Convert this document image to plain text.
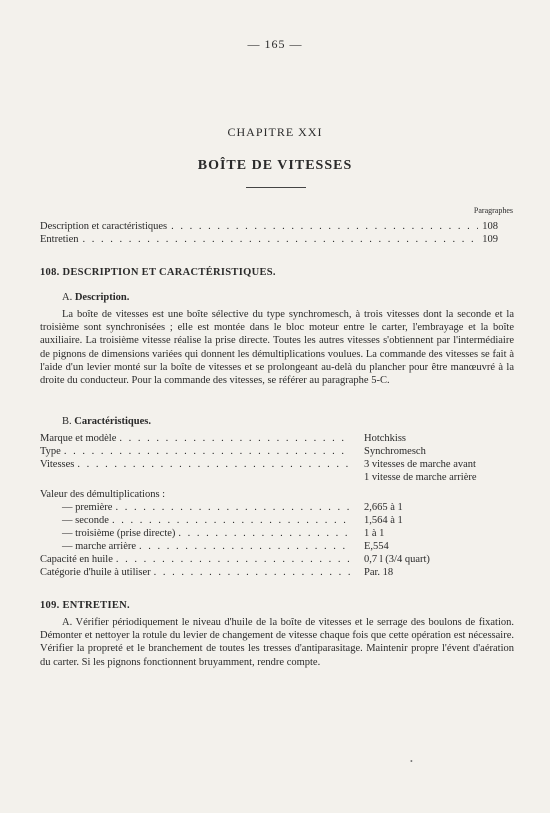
— 165 —
CHAPITRE XXI
BOÎTE DE VITESSES
Paragraphes
Description et caractéristiques . . .	108
Entretien . . .	109
108. DESCRIPTION ET CARACTÉRISTIQUES.
A. Description.
La boîte de vitesses est une boîte sélective du type synchromesch, à trois vitesses dont la seconde et la troisième sont synchronisées ; elle est montée dans le bloc moteur entre le carter, l'embrayage et la boîte auxiliaire. La troisième vitesse réalise la prise directe. Toutes les autres vitesses s'obtiennent par l'intermédiaire de pignons de dimensions variées qui donnent les démultiplications voulues. La commande des vitesses se fait à l'aide d'un levier monté sur la boîte de vitesses et se prolongeant au-delà du plancher pour être manœuvré à la droite du conducteur. Pour la commande des vitesses, se référer au paragraphe 5-C.
B. Caractéristiques.
Marque et modèle . . .	Hotchkiss
Type . . .	Synchromesch
Vitesses . . .	3 vitesses de marche avant
1 vitesse de marche arrière
Valeur des démultiplications :
— première . . .	2,665 à 1
— seconde . . .	1,564 à 1
— troisième (prise directe) . . .	1 à 1
— marche arrière . . .	E,554
Capacité en huile . . .	0,7 l (3/4 quart)
Catégorie d'huile à utiliser . . .	Par. 18
109. ENTRETIEN.
A. Vérifier périodiquement le niveau d'huile de la boîte de vitesses et le serrage des boulons de fixation. Démonter et nettoyer la rotule du levier de changement de vitesse chaque fois que cette opération est nécessaire. Vérifier la propreté et le branchement de toutes les tresses d'antiparasitage. Maintenir propre l'évent d'aération du carter. Si les pignons fonctionnent bruyamment, rendre compte.
•
